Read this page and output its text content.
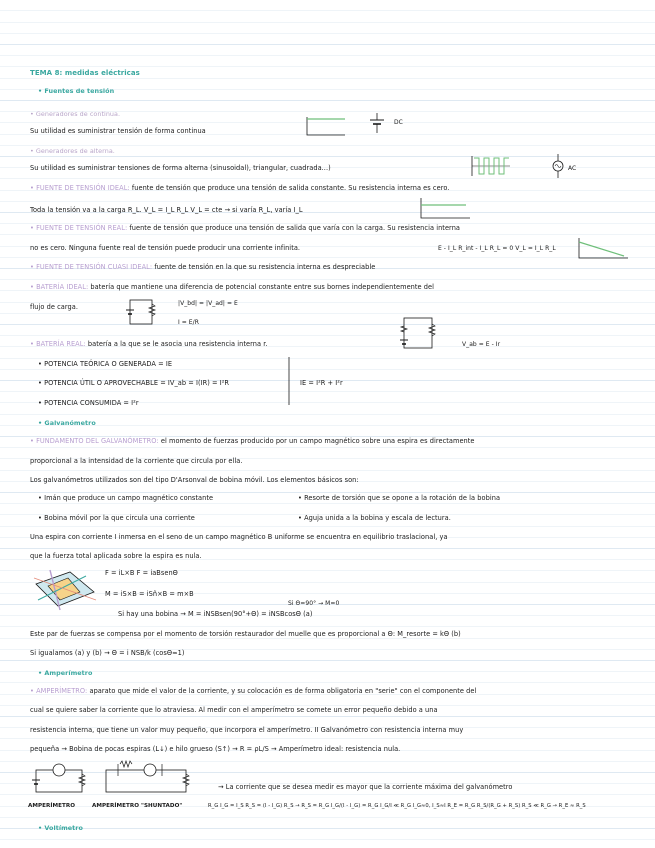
TEMA 8: medidas eléctricas
• Fuentes de tensión
• Generadores de continua.
Su utilidad es suministrar tensión de forma continua
DC
• Generadores de alterna.
Su utilidad es suministrar tensiones de forma alterna (sinusoidal), triangular, cuadrada...)	AC
• FUENTE DE TENSIÓN IDEAL: fuente de tensión que produce una tensión de salida constante. Su resistencia interna es cero.
Toda la tensión va a la carga R_L. V_L = I_L R_L V_L = cte → si varía R_L, varía I_L
• FUENTE DE TENSIÓN REAL: fuente de tensión que produce una tensión de salida que varía con la carga. Su resistencia interna
no es cero. Ninguna fuente real de tensión puede producir una corriente infinita.	E - I_L R_int - I_L R_L = 0 V_L = I_L R_L
• FUENTE DE TENSIÓN CUASI IDEAL: fuente de tensión en la que su resistencia interna es despreciable
• BATERÍA IDEAL: batería que mantiene una diferencia de potencial constante entre sus bornes independientemente del
flujo de carga.	|V_bd| = |V_ad| = E
I = E/R
• BATERÍA REAL: batería a la que se le asocia una resistencia interna r.	V_ab = E - Ir
• POTENCIA TEÓRICA O GENERADA = IE
• POTENCIA ÚTIL O APROVECHABLE = IV_ab = I(IR) = I²R
• POTENCIA CONSUMIDA = I²r
IE = I²R + I²r
• Galvanómetro
• FUNDAMENTO DEL GALVANÓMETRO: el momento de fuerzas producido por un campo magnético sobre una espira es directamente
proporcional a la intensidad de la corriente que circula por ella.
Los galvanómetros utilizados son del tipo D'Arsonval de bobina móvil. Los elementos básicos son:
• Imán que produce un campo magnético constante	• Resorte de torsión que se opone a la rotación de la bobina
• Bobina móvil por la que circula una corriente	• Aguja unida a la bobina y escala de lectura.
Una espira con corriente I inmersa en el seno de un campo magnético B uniforme se encuentra en equilibrio traslacional, ya
que la fuerza total aplicada sobre la espira es nula.
F = iL×B F = iaBsenΘ
M = iS×B = iSñ×B = m×B
Si Θ=90° → M=0
Si hay una bobina → M = iNSBsen(90°+Θ) = iNSBcosΘ (a)
Este par de fuerzas se compensa por el momento de torsión restaurador del muelle que es proporcional a Θ: M_resorte = kΘ (b)
Si igualamos (a) y (b) → Θ = i NSB/k (cosΘ≈1)
• Amperímetro
• AMPERÍMETRO: aparato que mide el valor de la corriente, y su colocación es de forma obligatoria en "serie" con el componente del
cual se quiere saber la corriente que lo atraviesa. Al medir con el amperímetro se comete un error pequeño debido a una
resistencia interna, que tiene un valor muy pequeño, que incorpora el amperímetro. II Galvanómetro con resistencia interna muy
pequeña → Bobina de pocas espiras (L↓) e hilo grueso (S↑) → R = ρL/S → Amperímetro ideal: resistencia nula.
→ La corriente que se desea medir es mayor que la corriente máxima del galvanómetro
AMPERÍMETRO	AMPERÍMETRO "SHUNTADO"	R_G I_G = I_S R_S = (I - I_G) R_S → R_S = R_G I_G/(I - I_G) = R_G I_G/I ≪ R_G I_G≈0, I_S≈I R_E = R_G R_S/(R_G + R_S) R_S ≪ R_G → R_E ≈ R_S
• Voltímetro
